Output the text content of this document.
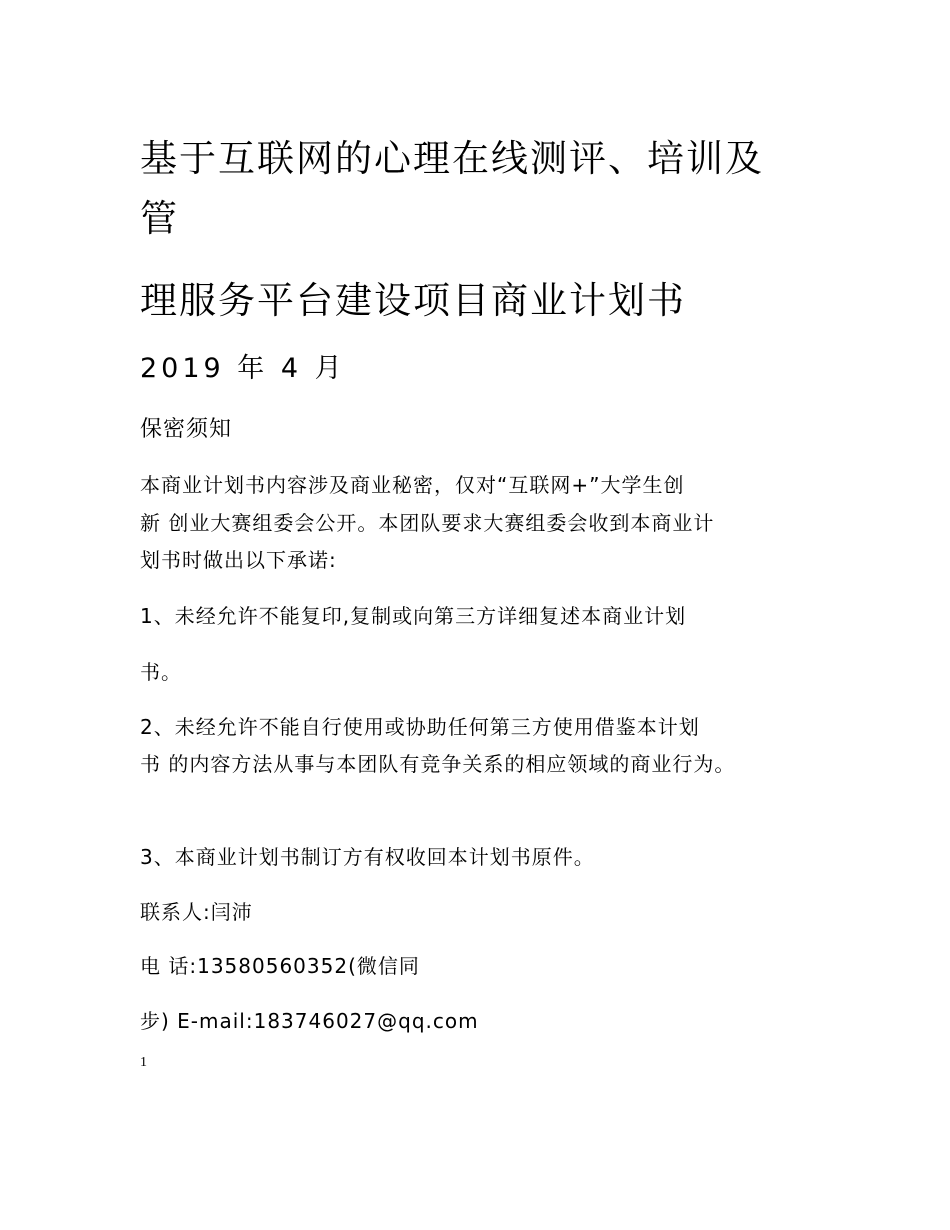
基于互联网的心理在线测评、培训及
管
理服务平台建设项目商业计划书
2019 年 4 月
保密须知
本商业计划书内容涉及商业秘密，仅对“互联网+”大学生创
新 创业大赛组委会公开。本团队要求大赛组委会收到本商业计
划书时做出以下承诺:
1、未经允许不能复印,复制或向第三方详细复述本商业计划
书。
2、未经允许不能自行使用或协助任何第三方使用借鉴本计划
书 的内容方法从事与本团队有竞争关系的相应领域的商业行为。
3、本商业计划书制订方有权收回本计划书原件。
联系人:闫沛
电 话:13580560352(微信同
步) E-mail:183746027@qq.com
1
